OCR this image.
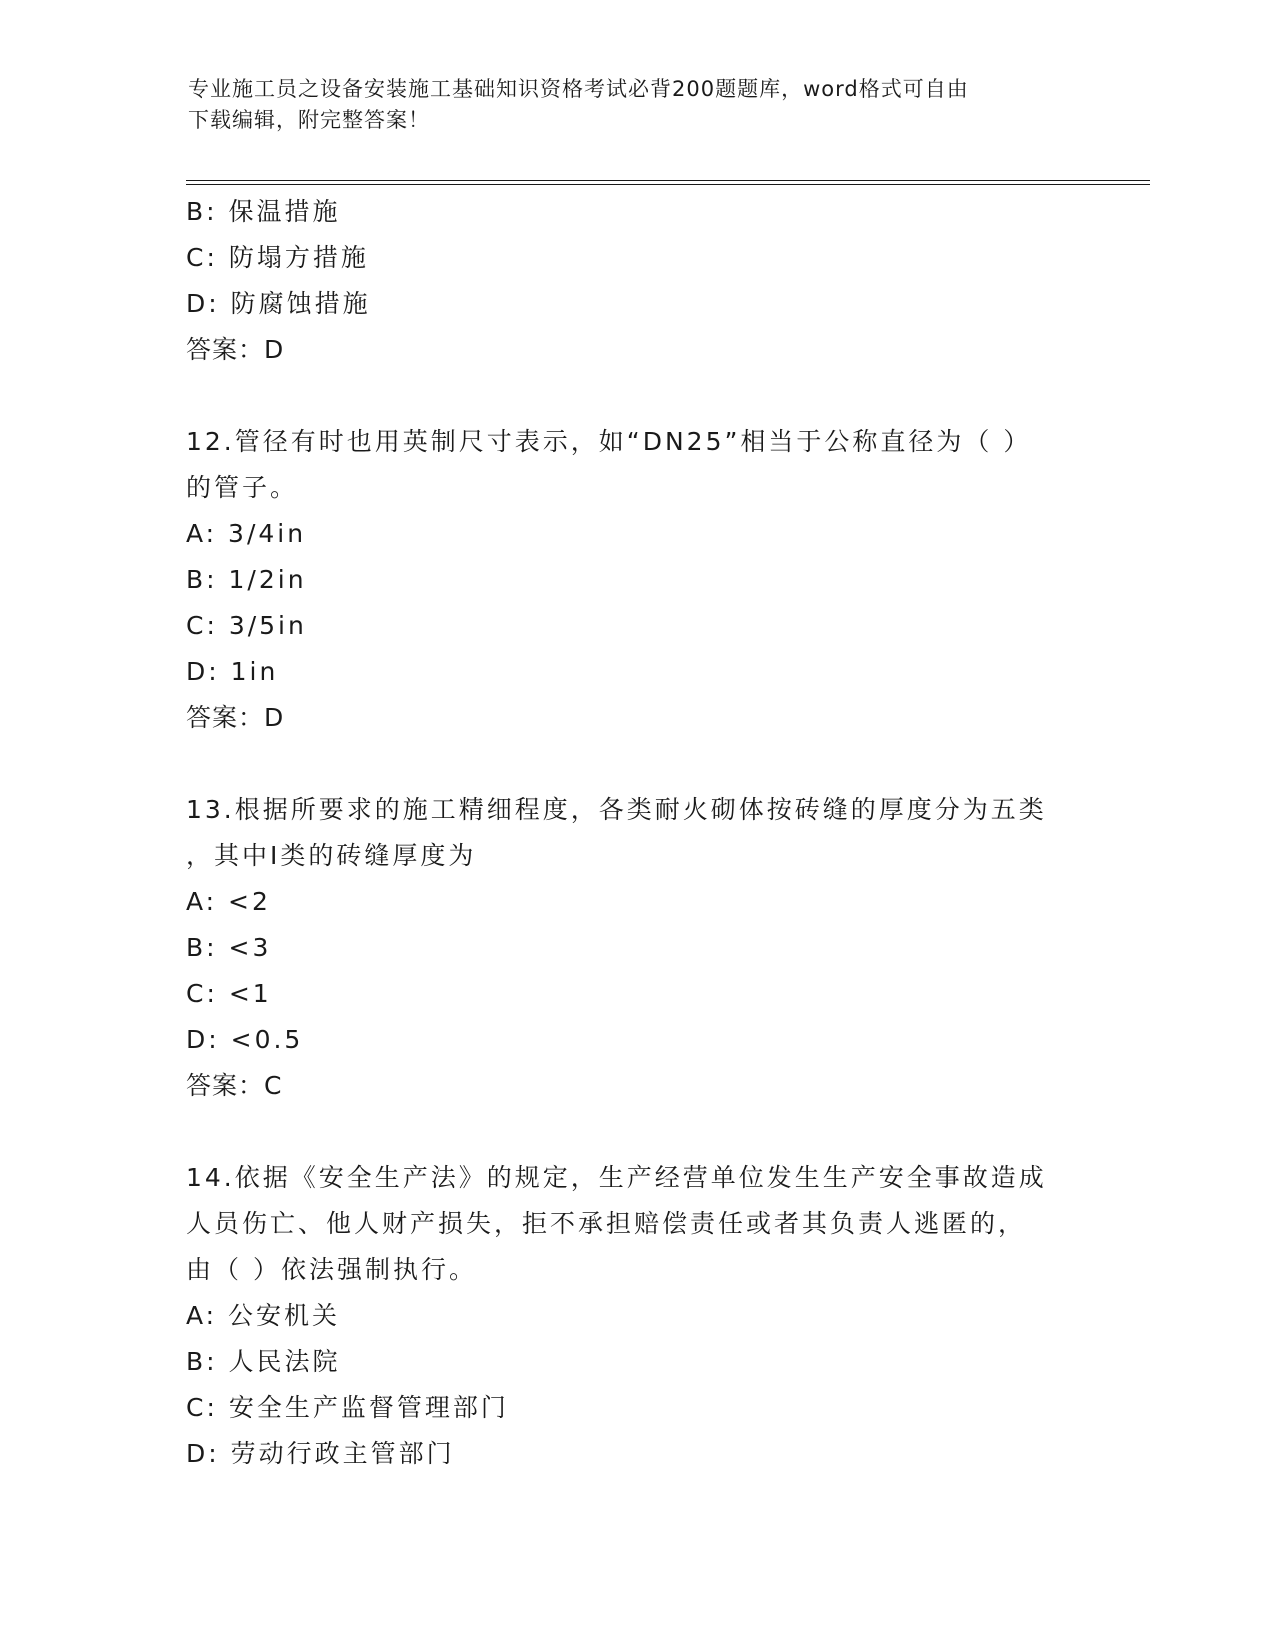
专业施工员之设备安装施工基础知识资格考试必背200题题库，word格式可自由
下载编辑，附完整答案！
B: 保温措施
C: 防塌方措施
D: 防腐蚀措施
答案：D
12.管径有时也用英制尺寸表示，如“DN25”相当于公称直径为（ ）
的管子。
A: 3/4in
B: 1/2in
C: 3/5in
D: 1in
答案：D
13.根据所要求的施工精细程度，各类耐火砌体按砖缝的厚度分为五类
，其中Ⅰ类的砖缝厚度为
A: <2
B: <3
C: <1
D: <0.5
答案：C
14.依据《安全生产法》的规定，生产经营单位发生生产安全事故造成
人员伤亡、他人财产损失，拒不承担赔偿责任或者其负责人逃匿的，
由（ ）依法强制执行。
A: 公安机关
B: 人民法院
C: 安全生产监督管理部门
D: 劳动行政主管部门
